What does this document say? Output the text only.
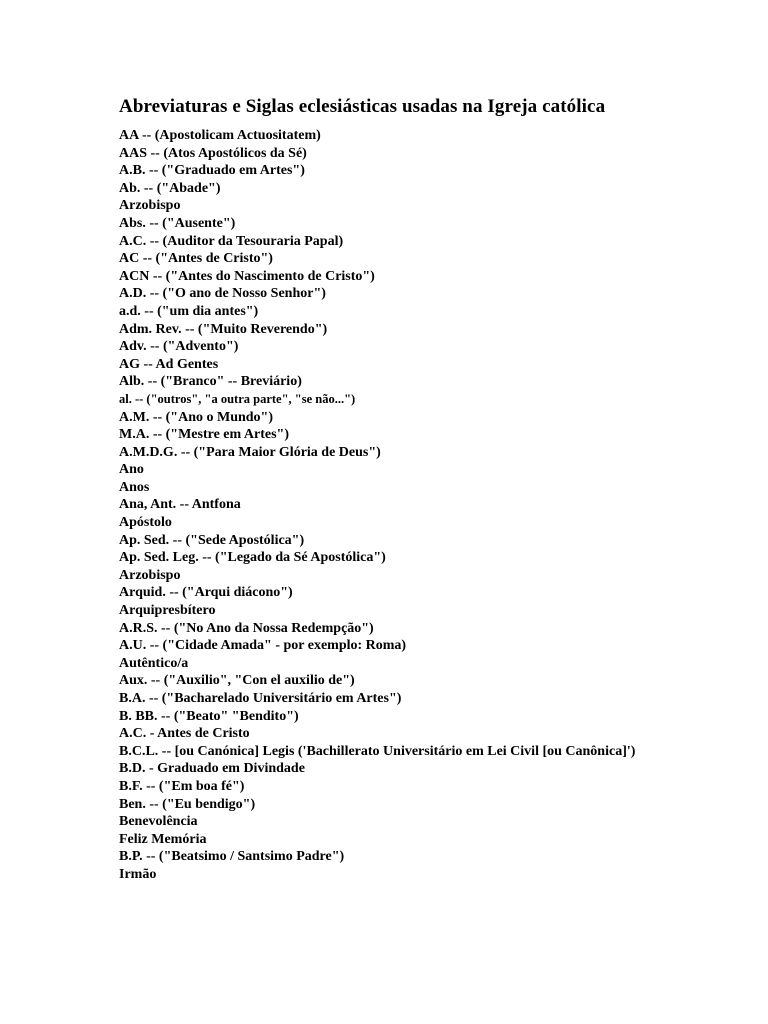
Abreviaturas e Siglas eclesiásticas usadas na Igreja católica
AA -- (Apostolicam Actuositatem)
AAS -- (Atos Apostólicos da Sé)
A.B. -- ("Graduado em Artes")
Ab. -- ("Abade")
Arzobispo
Abs. -- ("Ausente")
A.C. -- (Auditor da Tesouraria Papal)
AC -- ("Antes de Cristo")
ACN -- ("Antes do Nascimento de Cristo")
A.D. -- ("O ano de Nosso Senhor")
a.d. -- ("um dia antes")
Adm. Rev. -- ("Muito Reverendo")
Adv. -- ("Advento")
AG -- Ad Gentes
Alb. -- ("Branco" -- Breviário)
al. -- ("outros", "a outra parte", "se não...")
A.M. -- ("Ano o Mundo")
M.A. -- ("Mestre em Artes")
A.M.D.G. -- ("Para Maior Glória de Deus")
Ano
Anos
Ana, Ant. -- Antfona
Apóstolo
Ap. Sed. -- ("Sede Apostólica")
Ap. Sed. Leg. -- ("Legado da Sé Apostólica")
Arzobispo
Arquid. -- ("Arqui diácono")
Arquipresbítero
A.R.S. -- ("No Ano da Nossa Redempção")
A.U. -- ("Cidade Amada" - por exemplo: Roma)
Autêntico/a
Aux. -- ("Auxilio", "Con el auxilio de")
B.A. -- ("Bacharelado Universitário em Artes")
B. BB. -- ("Beato" "Bendito")
A.C. - Antes de Cristo
B.C.L. -- [ou Canónica] Legis ('Bachillerato Universitário em Lei Civil [ou Canônica]')
B.D. - Graduado em Divindade
B.F. -- ("Em boa fé")
Ben. -- ("Eu bendigo")
Benevolência
Feliz Memória
B.P. -- ("Beatsimo / Santsimo Padre")
Irmão
